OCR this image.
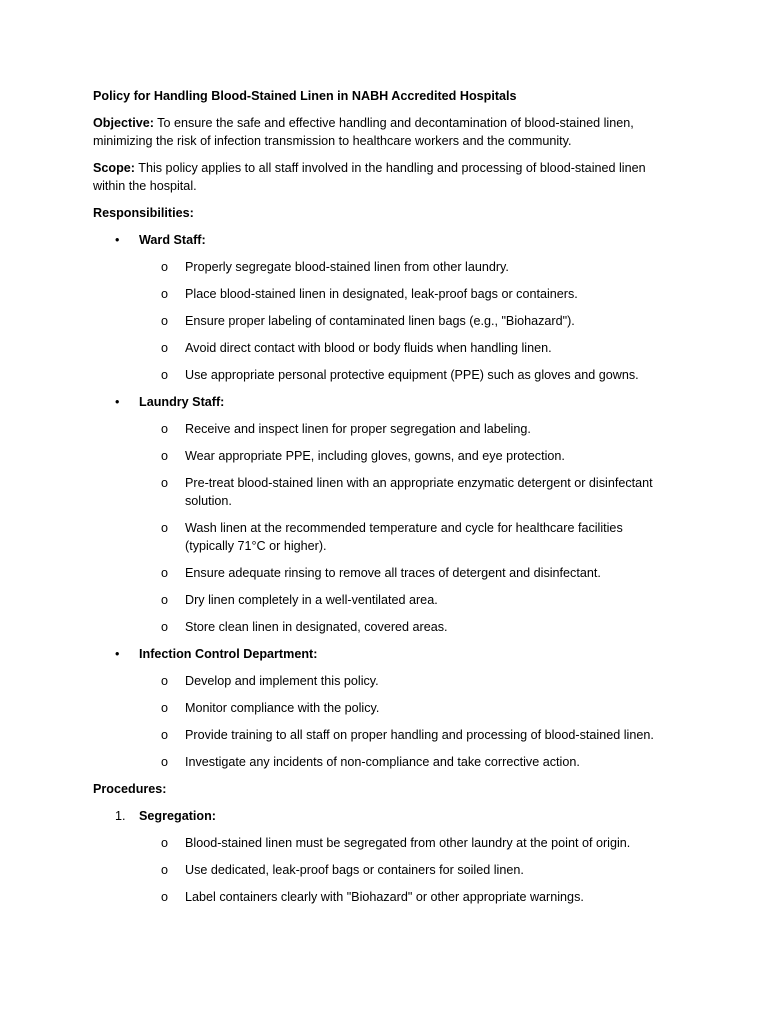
Policy for Handling Blood-Stained Linen in NABH Accredited Hospitals

Objective: To ensure the safe and effective handling and decontamination of blood-stained linen, minimizing the risk of infection transmission to healthcare workers and the community.

Scope: This policy applies to all staff involved in the handling and processing of blood-stained linen within the hospital.

Responsibilities:
•	Ward Staff:
o Properly segregate blood-stained linen from other laundry.
o Place blood-stained linen in designated, leak-proof bags or containers.
o Ensure proper labeling of contaminated linen bags (e.g., "Biohazard").
o Avoid direct contact with blood or body fluids when handling linen.
o Use appropriate personal protective equipment (PPE) such as gloves and gowns.
•	Laundry Staff:
o Receive and inspect linen for proper segregation and labeling.
o Wear appropriate PPE, including gloves, gowns, and eye protection.
o Pre-treat blood-stained linen with an appropriate enzymatic detergent or disinfectant solution.
o Wash linen at the recommended temperature and cycle for healthcare facilities (typically 71°C or higher).
o Ensure adequate rinsing to remove all traces of detergent and disinfectant.
o Dry linen completely in a well-ventilated area.
o Store clean linen in designated, covered areas.
•	Infection Control Department:
o Develop and implement this policy.
o Monitor compliance with the policy.
o Provide training to all staff on proper handling and processing of blood-stained linen.
o Investigate any incidents of non-compliance and take corrective action.
Procedures:
1.	Segregation:
o Blood-stained linen must be segregated from other laundry at the point of origin.
o Use dedicated, leak-proof bags or containers for soiled linen.
o Label containers clearly with "Biohazard" or other appropriate warnings.
